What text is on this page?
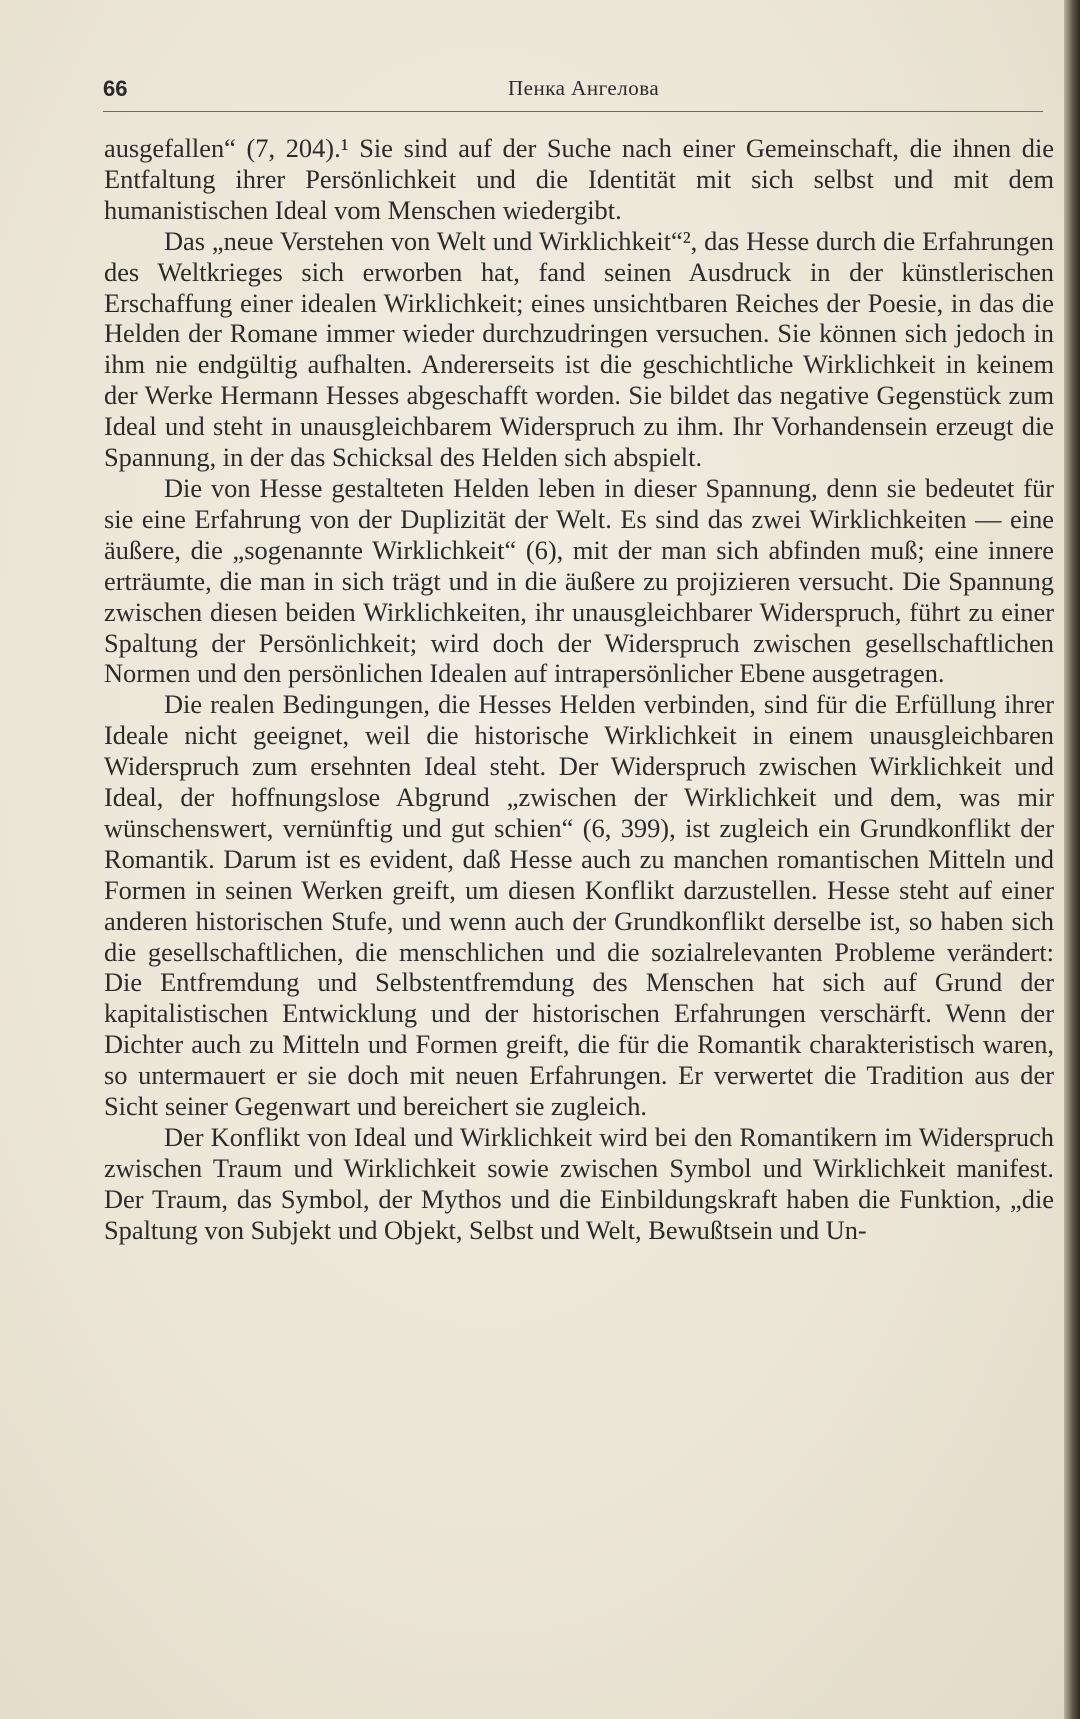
66	Пенка Ангелова

ausgefallen“ (7, 204).¹ Sie sind auf der Suche nach einer Gemeinschaft, die ihnen die Entfaltung ihrer Persönlichkeit und die Identität mit sich selbst und mit dem humanistischen Ideal vom Menschen wiedergibt.

Das „neue Verstehen von Welt und Wirklichkeit“², das Hesse durch die Erfahrungen des Weltkrieges sich erworben hat, fand seinen Ausdruck in der künstlerischen Erschaffung einer idealen Wirklichkeit; eines unsichtbaren Reiches der Poesie, in das die Helden der Romane immer wieder durchzudringen versuchen. Sie können sich jedoch in ihm nie endgültig aufhalten. Andererseits ist die geschichtliche Wirklichkeit in keinem der Werke Hermann Hesses abgeschafft worden. Sie bildet das negative Gegenstück zum Ideal und steht in unausgleichbarem Widerspruch zu ihm. Ihr Vorhandensein erzeugt die Spannung, in der das Schicksal des Helden sich abspielt.

Die von Hesse gestalteten Helden leben in dieser Spannung, denn sie bedeutet für sie eine Erfahrung von der Duplizität der Welt. Es sind das zwei Wirklichkeiten — eine äußere, die „sogenannte Wirklichkeit“ (6), mit der man sich abfinden muß; eine innere erträumte, die man in sich trägt und in die äußere zu projizieren versucht. Die Spannung zwischen diesen beiden Wirklichkeiten, ihr unausgleichbarer Widerspruch, führt zu einer Spaltung der Persönlichkeit; wird doch der Widerspruch zwischen gesellschaftlichen Normen und den persönlichen Idealen auf intrapersönlicher Ebene ausgetragen.

Die realen Bedingungen, die Hesses Helden verbinden, sind für die Erfüllung ihrer Ideale nicht geeignet, weil die historische Wirklichkeit in einem unausgleichbaren Widerspruch zum ersehnten Ideal steht. Der Widerspruch zwischen Wirklichkeit und Ideal, der hoffnungslose Abgrund „zwischen der Wirklichkeit und dem, was mir wünschenswert, vernünftig und gut schien“ (6, 399), ist zugleich ein Grundkonflikt der Romantik. Darum ist es evident, daß Hesse auch zu manchen romantischen Mitteln und Formen in seinen Werken greift, um diesen Konflikt darzustellen. Hesse steht auf einer anderen historischen Stufe, und wenn auch der Grundkonflikt derselbe ist, so haben sich die gesellschaftlichen, die menschlichen und die sozialrelevanten Probleme verändert: Die Entfremdung und Selbstentfremdung des Menschen hat sich auf Grund der kapitalistischen Entwicklung und der historischen Erfahrungen verschärft. Wenn der Dichter auch zu Mitteln und Formen greift, die für die Romantik charakteristisch waren, so untermauert er sie doch mit neuen Erfahrungen. Er verwertet die Tradition aus der Sicht seiner Gegenwart und bereichert sie zugleich.

Der Konflikt von Ideal und Wirklichkeit wird bei den Romantikern im Widerspruch zwischen Traum und Wirklichkeit sowie zwischen Symbol und Wirklichkeit manifest. Der Traum, das Symbol, der Mythos und die Einbildungskraft haben die Funktion, „die Spaltung von Subjekt und Objekt, Selbst und Welt, Bewußtsein und Un-
